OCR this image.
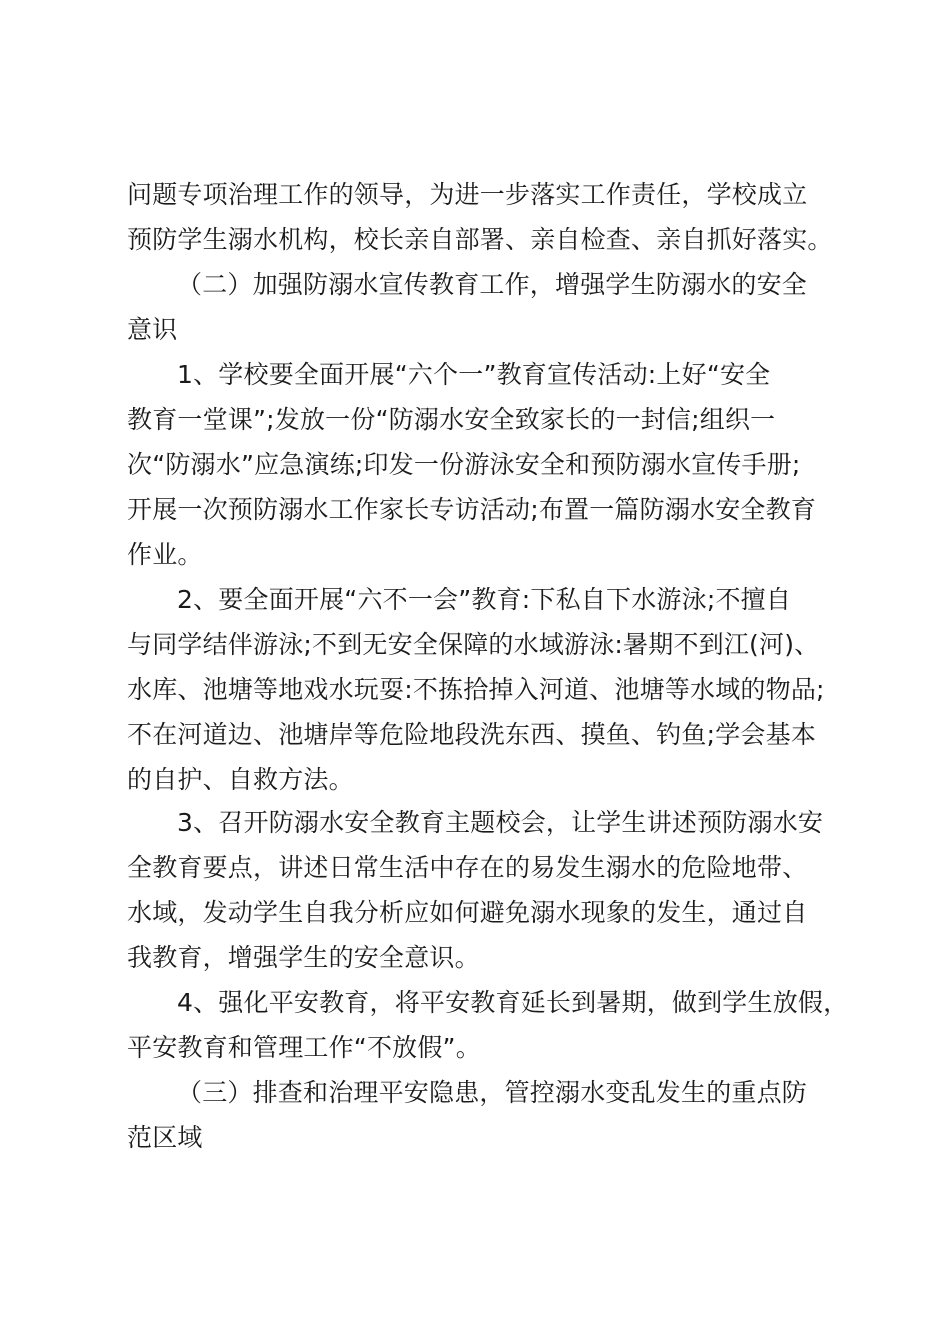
问题专项治理工作的领导，为进一步落实工作责任，学校成立
预防学生溺水机构，校长亲自部署、亲自检查、亲自抓好落实。
（二）加强防溺水宣传教育工作，增强学生防溺水的安全
意识
1、学校要全面开展“六个一”教育宣传活动:上好“安全
教育一堂课”;发放一份“防溺水安全致家长的一封信;组织一
次“防溺水”应急演练;印发一份游泳安全和预防溺水宣传手册;
开展一次预防溺水工作家长专访活动;布置一篇防溺水安全教育
作业。
2、要全面开展“六不一会”教育:下私自下水游泳;不擅自
与同学结伴游泳;不到无安全保障的水域游泳:暑期不到江(河)、
水库、池塘等地戏水玩耍:不拣拾掉入河道、池塘等水域的物品;
不在河道边、池塘岸等危险地段洗东西、摸鱼、钓鱼;学会基本
的自护、自救方法。
3、召开防溺水安全教育主题校会，让学生讲述预防溺水安
全教育要点，讲述日常生活中存在的易发生溺水的危险地带、
水域，发动学生自我分析应如何避免溺水现象的发生，通过自
我教育，增强学生的安全意识。
4、强化平安教育，将平安教育延长到暑期，做到学生放假，
平安教育和管理工作“不放假”。
（三）排查和治理平安隐患，管控溺水变乱发生的重点防
范区域
